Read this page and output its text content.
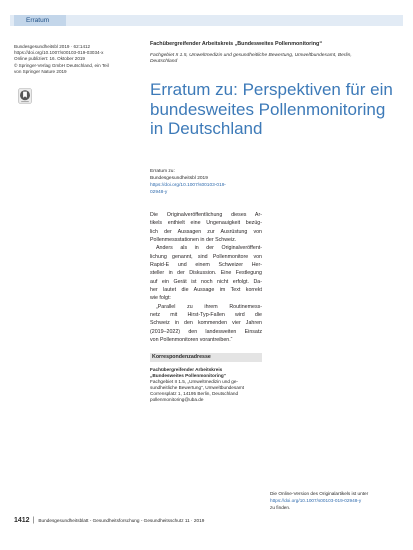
Erratum
Bundesgesundheitsbl 2019 · 62:1412
https://doi.org/10.1007/s00103-019-03034-x
Online publiziert: 16. Oktober 2019
© Springer-Verlag GmbH Deutschland, ein Teil
von Springer Nature 2019
Fachübergreifender Arbeitskreis „Bundesweites Pollenmonitoring“
Fachgebiet II 1.5, Umweltmedizin und gesundheitliche Bewertung, Umweltbundesamt, Berlin,
Deutschland
Erratum zu: Perspektiven für ein
bundesweites Pollenmonitoring
in Deutschland
Erratum zu:
Bundesgesundheitsbl 2019
https://doi.org/10.1007/s00103-019-
02948-y
Die Originalveröffentlichung dieses Ar-
tikels enthielt eine Ungenauigkeit bezüg-
lich der Aussagen zur Ausrüstung von
Pollenmessstationen in der Schweiz.
Anders als in der Originalveröffent-
lichung genannt, sind Pollenmonitore von
Rapid-E und einem Schweizer Her-
steller in der Diskussion. Eine Festlegung
auf ein Gerät ist noch nicht erfolgt. Da-
her lautet die Aussage im Text korrekt
wie folgt:
„Parallel zu ihrem Routinemess-
netz mit Hirst-Typ-Fallen wird die
Schweiz in den kommenden vier Jahren
(2019–2022) den landesweiten Einsatz
von Pollenmonitoren vorantreiben.“
Korrespondenzadresse
Fachübergreifender Arbeitskreis
„Bundesweites Pollenmonitoring“
Fachgebiet II 1.5, „Umweltmedizin und ge-
sundheitliche Bewertung“, Umweltbundesamt
Corrensplatz 1, 14195 Berlin, Deutschland
pollenmonitoring@uba.de
Die Online-Version des Originalartikels ist unter
https://doi.org/10.1007/s00103-019-02948-y
zu finden.
1412 | Bundesgesundheitsblatt - Gesundheitsforschung - Gesundheitsschutz 11 · 2019
